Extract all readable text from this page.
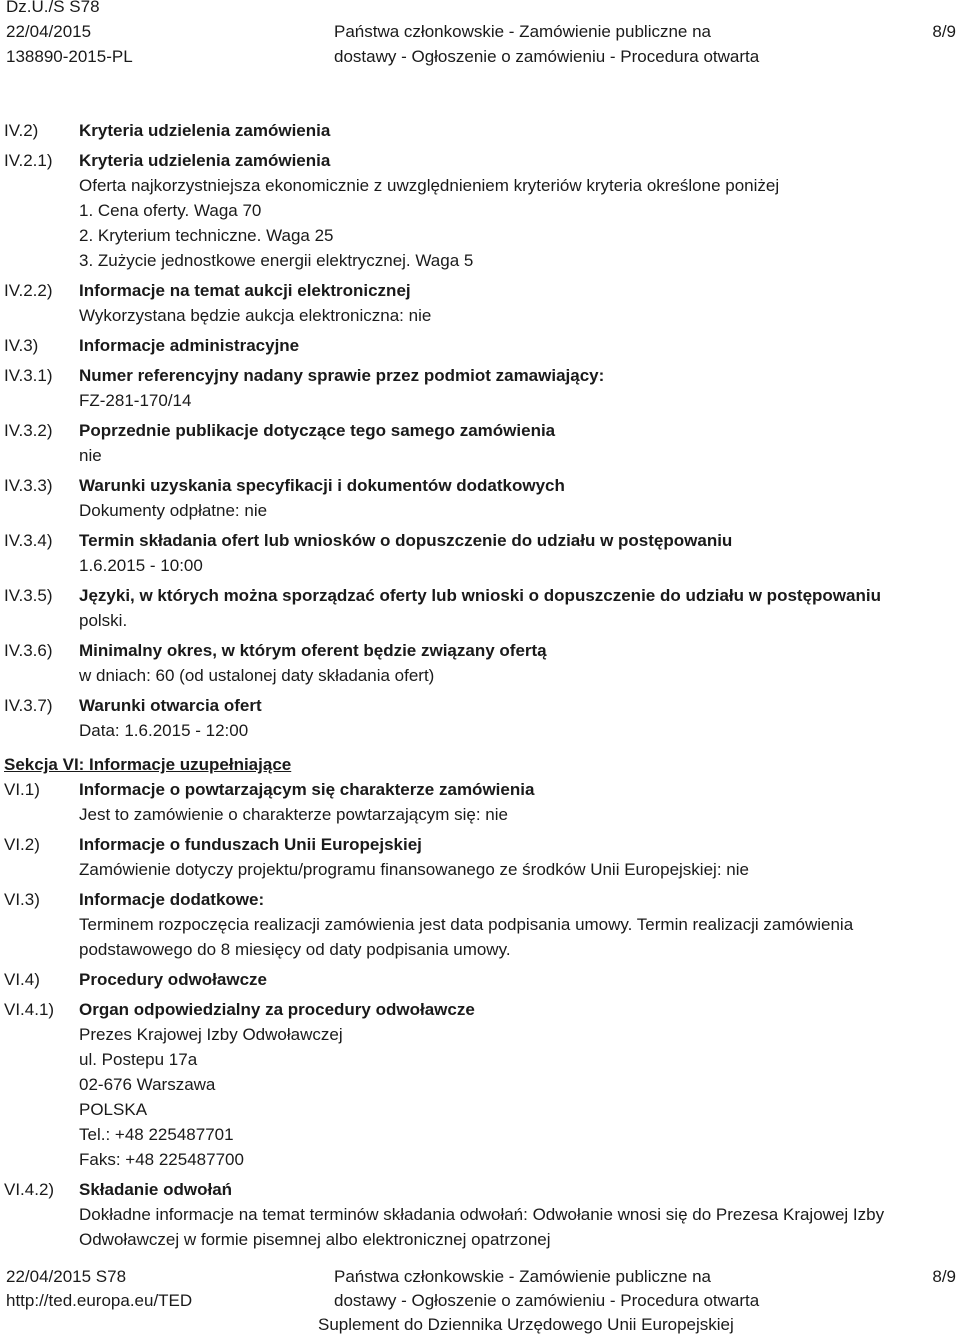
Dz.U./S S78
22/04/2015
138890-2015-PL
Państwa członkowskie - Zamówienie publiczne na
dostawy - Ogłoszenie o zamówieniu - Procedura otwarta
8/9
IV.2)	Kryteria udzielenia zamówienia
IV.2.1)	Kryteria udzielenia zamówienia
Oferta najkorzystniejsza ekonomicznie z uwzględnieniem kryteriów kryteria określone poniżej
1. Cena oferty. Waga 70
2. Kryterium techniczne. Waga 25
3. Zużycie jednostkowe energii elektrycznej. Waga 5
IV.2.2)	Informacje na temat aukcji elektronicznej
Wykorzystana będzie aukcja elektroniczna: nie
IV.3)	Informacje administracyjne
IV.3.1)	Numer referencyjny nadany sprawie przez podmiot zamawiający:
FZ-281-170/14
IV.3.2)	Poprzednie publikacje dotyczące tego samego zamówienia
nie
IV.3.3)	Warunki uzyskania specyfikacji i dokumentów dodatkowych
Dokumenty odpłatne: nie
IV.3.4)	Termin składania ofert lub wniosków o dopuszczenie do udziału w postępowaniu
1.6.2015 - 10:00
IV.3.5)	Języki, w których można sporządzać oferty lub wnioski o dopuszczenie do udziału w postępowaniu
polski.
IV.3.6)	Minimalny okres, w którym oferent będzie związany ofertą
w dniach: 60 (od ustalonej daty składania ofert)
IV.3.7)	Warunki otwarcia ofert
Data: 1.6.2015 - 12:00
Sekcja VI: Informacje uzupełniające
VI.1)	Informacje o powtarzającym się charakterze zamówienia
Jest to zamówienie o charakterze powtarzającym się: nie
VI.2)	Informacje o funduszach Unii Europejskiej
Zamówienie dotyczy projektu/programu finansowanego ze środków Unii Europejskiej: nie
VI.3)	Informacje dodatkowe:
Terminem rozpoczęcia realizacji zamówienia jest data podpisania umowy. Termin realizacji zamówienia podstawowego do 8 miesięcy od daty podpisania umowy.
VI.4)	Procedury odwoławcze
VI.4.1)	Organ odpowiedzialny za procedury odwoławcze
Prezes Krajowej Izby Odwoławczej
ul. Postepu 17a
02-676 Warszawa
POLSKA
Tel.: +48 225487701
Faks: +48 225487700
VI.4.2)	Składanie odwołań
Dokładne informacje na temat terminów składania odwołań: Odwołanie wnosi się do Prezesa Krajowej Izby Odwoławczej w formie pisemnej albo elektronicznej opatrzonej
22/04/2015 S78
http://ted.europa.eu/TED
Państwa członkowskie - Zamówienie publiczne na
dostawy - Ogłoszenie o zamówieniu - Procedura otwarta
Suplement do Dziennika Urzędowego Unii Europejskiej
8/9
